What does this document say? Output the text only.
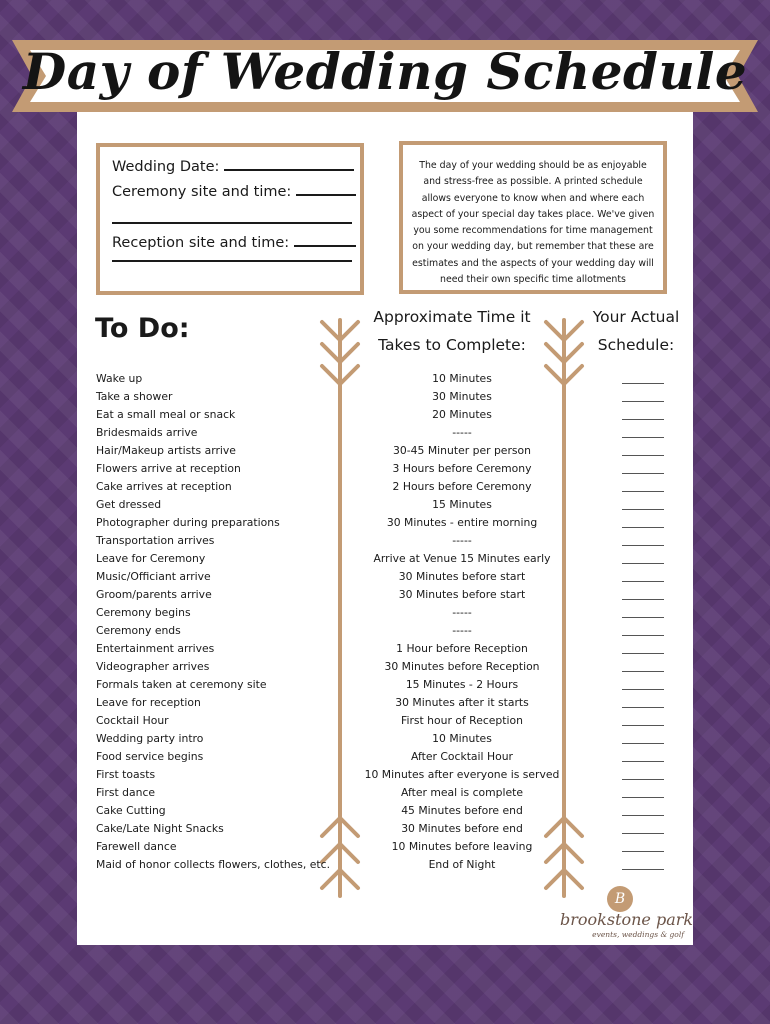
Day of Wedding Schedule
Wedding Date:
Ceremony site and time:
Reception site and time:
The day of your wedding should be as enjoyable and stress-free as possible. A printed schedule allows everyone to know when and where each aspect of your special day takes place. We've given you some recommendations for time management on your wedding day, but remember that these are estimates and the aspects of your wedding day will need their own specific time allotments
To Do:	Approximate Time it
Takes to Complete:
Your Actual
Schedule:
Wake up	10 Minutes
Take a shower	30 Minutes
Eat a small meal or snack	20 Minutes
Bridesmaids arrive	-----
Hair/Makeup artists arrive	30-45 Minuter per person
Flowers arrive at reception	3 Hours before Ceremony
Cake arrives at reception	2 Hours before Ceremony
Get dressed	15 Minutes
Photographer during preparations	30 Minutes - entire morning
Transportation arrives	-----
Leave for Ceremony	Arrive at Venue 15 Minutes early
Music/Officiant arrive	30 Minutes before start
Groom/parents arrive	30 Minutes before start
Ceremony begins	-----
Ceremony ends	-----
Entertainment arrives	1 Hour before Reception
Videographer arrives	30 Minutes before Reception
Formals taken at ceremony site	15 Minutes - 2 Hours
Leave for reception	30 Minutes after it starts
Cocktail Hour	First hour of Reception
Wedding party intro	10 Minutes
Food service begins	After Cocktail Hour
First toasts	10 Minutes after everyone is served
First dance	After meal is complete
Cake Cutting	45 Minutes before end
Cake/Late Night Snacks	30 Minutes before end
Farewell dance	10 Minutes before leaving
Maid of honor collects flowers, clothes, etc.	End of Night
B
brookstone park
events, weddings & golf
